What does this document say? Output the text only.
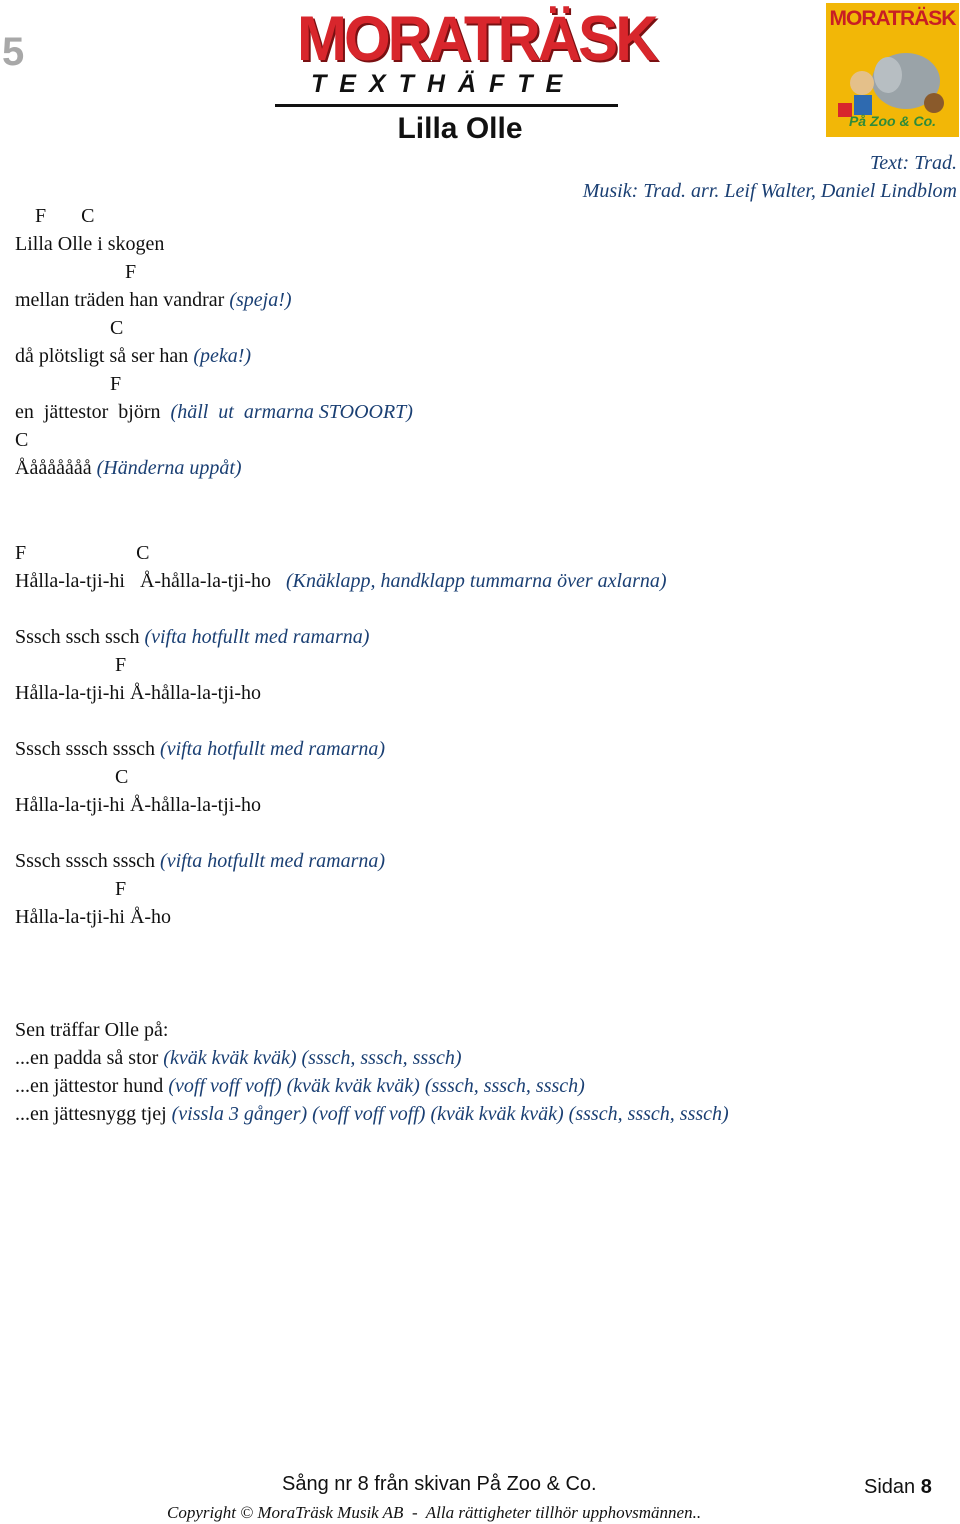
5	MORATRÄSK
TEXTHÄFTE
MORATRÄSK
På Zoo & Co.
Lilla Olle
Text: Trad.
Musik: Trad. arr. Leif Walter, Daniel Lindblom
F       C
Lilla Olle i skogen
F
mellan träden han vandrar (speja!)
C
då plötsligt så ser han (peka!)
F
en  jättestor  björn  (häll  ut  armarna STOOORT)
C
Åååååååå (Händerna uppåt)
F                      C
Hålla-la-tji-hi   Å-hålla-la-tji-ho   (Knäklapp, handklapp tummarna över axlarna)
Sssch ssch ssch (vifta hotfullt med ramarna)
F
Hålla-la-tji-hi Å-hålla-la-tji-ho
Sssch sssch sssch (vifta hotfullt med ramarna)
C
Hålla-la-tji-hi Å-hålla-la-tji-ho
Sssch sssch sssch (vifta hotfullt med ramarna)
F
Hålla-la-tji-hi Å-ho
Sen träffar Olle på:
...en padda så stor (kväk kväk kväk) (sssch, sssch, sssch)
...en jättestor hund (voff voff voff) (kväk kväk kväk) (sssch, sssch, sssch)
...en jättesnygg tjej (vissla 3 gånger) (voff voff voff) (kväk kväk kväk) (sssch, sssch, sssch)
Sång nr 8 från skivan På Zoo & Co.	Sidan 8
Copyright © MoraTräsk Musik AB  -  Alla rättigheter tillhör upphovsmännen..
